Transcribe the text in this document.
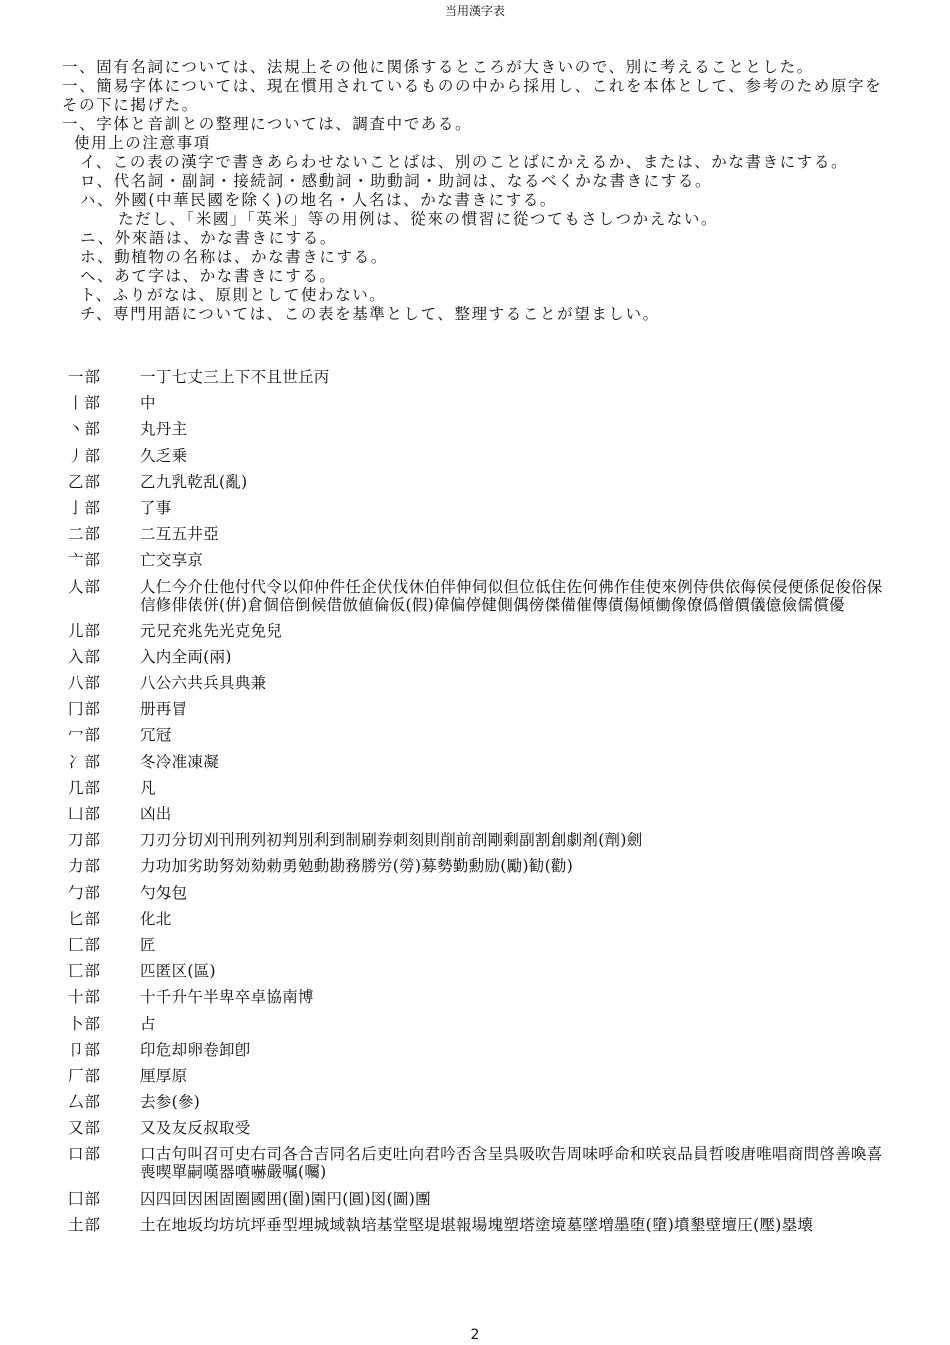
当用漢字表

一、固有名詞については、法規上その他に関係するところが大きいので、別に考えることとした。

一、簡易字体については、現在慣用されているものの中から採用し、これを本体として、参考のため原字をその下に掲げた。

一、字体と音訓との整理については、調査中である。

使用上の注意事項

イ、この表の漢字で書きあらわせないことばは、別のことばにかえるか、または、かな書きにする。

ロ、代名詞・副詞・接続詞・感動詞・助動詞・助詞は、なるべくかな書きにする。

ハ、外國(中華民國を除く)の地名・人名は、かな書きにする。

ただし、「米國」「英米」等の用例は、從來の慣習に從つてもさしつかえない。

ニ、外來語は、かな書きにする。

ホ、動植物の名称は、かな書きにする。

ヘ、あて字は、かな書きにする。

ト、ふりがなは、原則として使わない。

チ、専門用語については、この表を基準として、整理することが望ましい。

一部	一丁七丈三上下不且世丘丙
丨部	中
丶部	丸丹主
丿部	久乏乗
乙部	乙九乳乾乱(亂)
亅部	了事
二部	二互五井亞
亠部	亡交享京
人部	人仁今介仕他付代令以仰仲件任企伏伐休伯伴伸伺似但位低住佐何佛作佳使來例侍供依侮侯侵便係促俊俗保信修俳俵併(倂)倉個倍倒候借倣値倫仮(假)偉偏停健側偶傍傑備催傳債傷傾働像僚僞僧價儀億儉儒償優
儿部	元兄充兆先光克免兒
入部	入内全両(兩)
八部	八公六共兵具典兼
冂部	册再冒
冖部	冗冠
冫部	冬冷准凍凝
几部	凡
凵部	凶出
刀部	刀刃分切刈刊刑列初判別利到制刷券刺刻則削前剖剛剩副割創劇剤(劑)劍
力部	力功加劣助努効劾勅勇勉動勘務勝労(勞)募勢勤勳励(勵)勧(勸)
勹部	勺匁包
匕部	化北
匚部	匠
匸部	匹匿区(區)
十部	十千升午半卑卒卓協南博
卜部	占
卩部	印危却卵卷卸卽
厂部	厘厚原
厶部	去参(參)
又部	又及友反叔取受
口部	口古句叫召可史右司各合吉同名后吏吐向君吟否含呈呉吸吹告周味呼命和咲哀品員哲唆唐唯唱商問啓善喚喜喪喫單嗣嘆器噴嚇嚴嘱(囑)
囗部	囚四回因困固圈國囲(圍)園円(圓)図(圖)團
土部	土在地坂均坊坑坪垂型埋城域執培基堂堅堤堪報場塊塑塔塗境墓墜増墨堕(墮)墳墾壁壇圧(壓)塁壊
2
